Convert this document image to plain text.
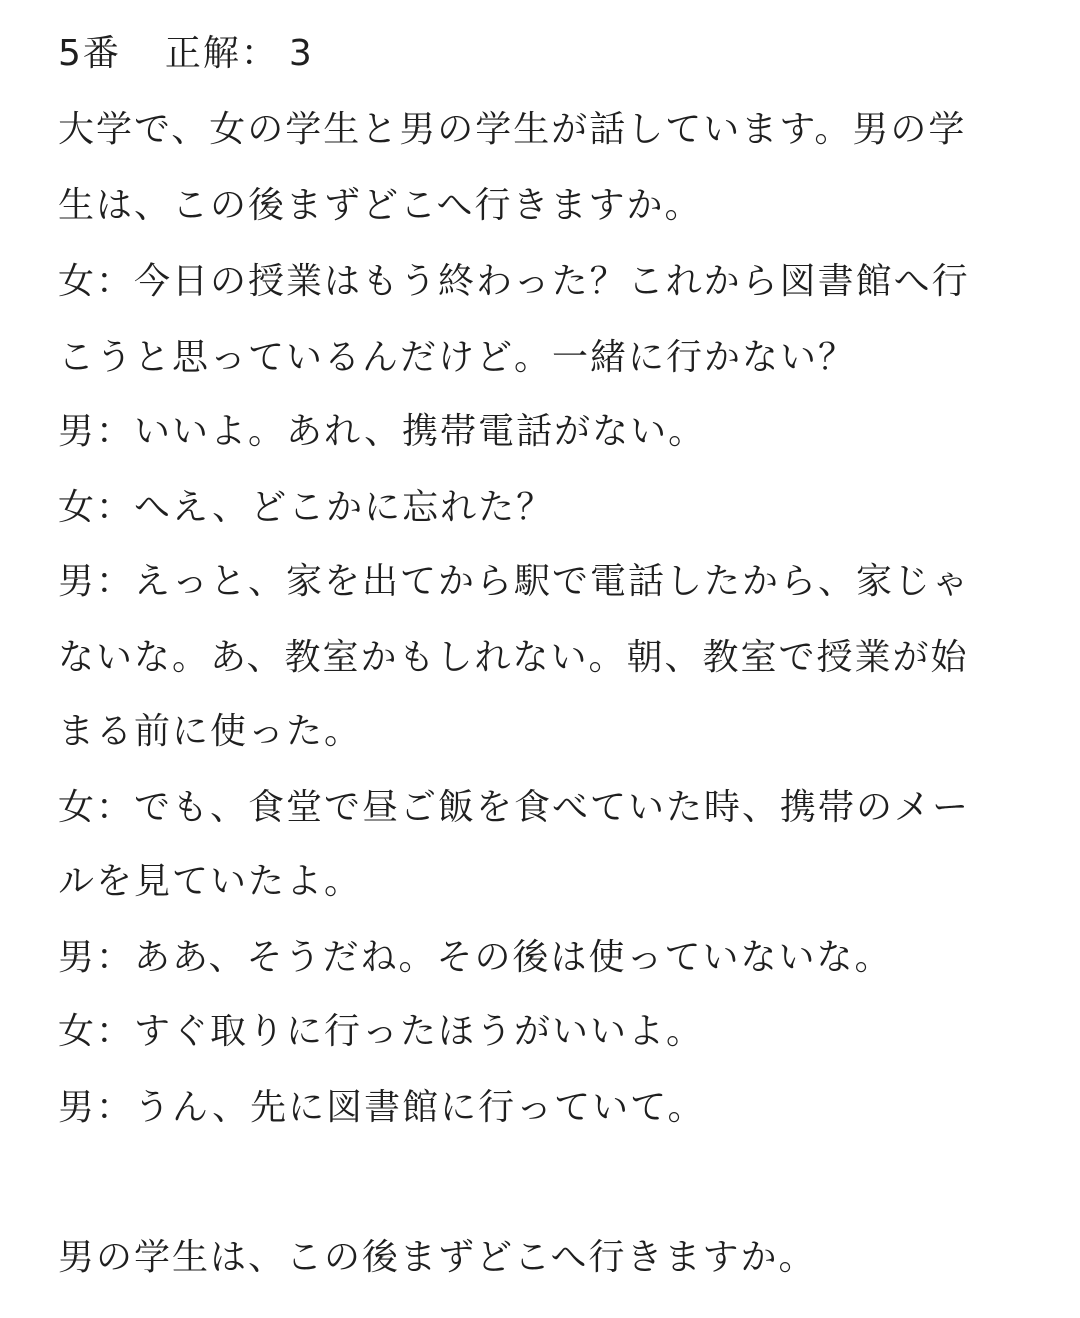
5番 正解： 3
大学で、女の学生と男の学生が話しています。男の学
生は、この後まずどこへ行きますか。
女：今日の授業はもう終わった？これから図書館へ行
こうと思っているんだけど。一緒に行かない？
男：いいよ。あれ、携帯電話がない。
女：へえ、どこかに忘れた？
男：えっと、家を出てから駅で電話したから、家じゃ
ないな。あ、教室かもしれない。朝、教室で授業が始
まる前に使った。
女：でも、食堂で昼ご飯を食べていた時、携帯のメー
ルを見ていたよ。
男：ああ、そうだね。その後は使っていないな。
女：すぐ取りに行ったほうがいいよ。
男：うん、先に図書館に行っていて。
男の学生は、この後まずどこへ行きますか。
